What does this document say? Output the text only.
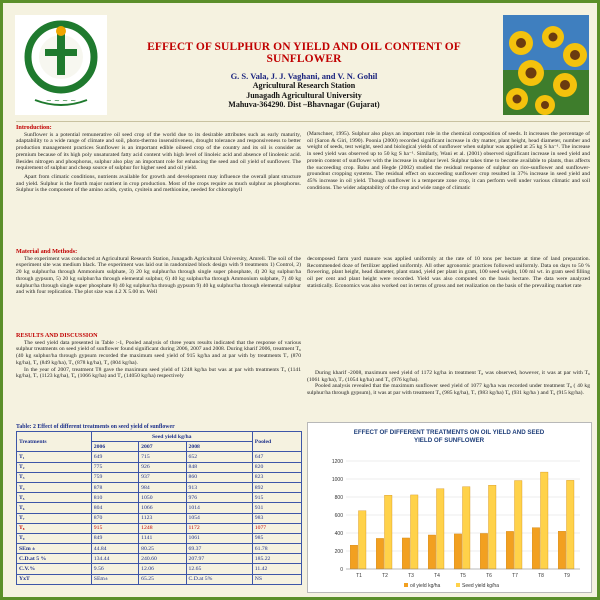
~ ~ ~ ~
EFFECT OF SULPHUR ON YIELD AND OIL CONTENT OF SUNFLOWER
G. S. Vala, J. J. Vaghani, and V. N. Gohil
Agricultural Research Station
Junagadh Agricultural University
Mahuva-364290. Dist –Bhavnagar (Gujarat)
Introduction:
Sunflower is a potential remunerative oil seed crop of the world due to its desirable attributes such as early maturity, adaptability to a wide range of climate and soil, photo-thermo insensitiveness, drought tolerance and responsiveness to better production management practices Sunflower is an important edible oilseed crop of the country and its oil is consider as premium because of its high poly unsaturated fatty acid content with high level of linoleic acid and absence of linolenic acid. Besides nitrogen and phosphorus, sulphur also play an important role for enhancing the seed and oil yield of sunflower. The requirement of sulphur and cheap source of sulphur for higher seed and oil yield.
Apart from climatic conditions, nutrients available for growth and development may influence the overall plant structure and yield. Sulphur is the fourth major nutrient in crop production. Most of the crops require as much sulphur as phosphorus. Sulphur is the component of the amino acids, cystin, cysitein and methionine, needed for chlorophyll
(Marschner, 1995). Sulphur also plays an important role in the chemical composition of seeds. It increases the percentage of oil (Saron & Giri, 1990). Poonia (2000) recorded significant increase in dry matter, plant height, head diameter, number and weight of seeds, test weight, seed and biological yields of sunflower when sulphur was applied at 25 kg S ha⁻¹. The increase in seed yield was observed up to 50 kg S ha⁻¹. Similarly, Wani et al. (2001) observed significant increase in seed yield and protein content of sunflower with the increase in sulphur level. Sulphur takes time to become available to plants, thus affects the succeeding crop. Babu and Hegde (2002) studied the residual response of sulphur on rice-sunflower and sunflower-groundnut cropping systems. The residual effect on succeeding sunflower crop resulted in 37% increase in seed yield and 45% increase in oil yield. Though sunflower is a temperate zone crop, it can perform well under various climatic and soil conditions. The wider adaptability of the crop and wide range of climatic
Material and Methods:
The experiment was conducted at Agricultural Research Station, Junagadh Agricultural University, Amreli. The soil of the experiment site was medium black. The experiment was laid out in randomized block design with 9 treatments 1) Control, 2) 20 kg sulphur/ha through Ammonium sulphate, 3) 20 kg sulphur/ha through single super phosphate, 4) 20 kg sulphur/ha through gypsum, 5) 20 kg sulphur/ha through elemental sulphur, 6) 40 kg sulphur/ha through Ammonium sulphate, 7) 40 kg sulphur/ha through single super phosphate 8) 40 kg sulphur/ha through gypsum 9) 40 kg sulphur/ha through elemental sulphur and with four replication. The plot size was 4.2 X 5.00 m. Well
decomposed farm yard manure was applied uniformly at the rate of 10 tons per hectare at time of land preparation. Recommended doze of fertilizer applied uniformly. All other agronomic practices followed uniformly. Data on days to 50 % flowering, plant height, head diameter, plant stand, yield per plant in gram, 100 seed weight, 100 ml wt. in gram seed filling oil per cent and plant height were recorded. Yield was also computed on the basis hectare. The data were analyzed statistically. Economics was also worked out in terms of gross and net realization on the basis of the prevailing market rate
RESULTS AND DISCUSSION
The seed yield data presented in Table :-1, Pooled analysis of three years results indicated that the response of various sulphur treatments on seed yield of sunflower found significant during 2006, 2007 and 2008. During kharif 2006, treatment T₆ (40 kg sulphur/ha through gypsum recorded the maximum seed yield of 915 kg/ha and at par with by treatments T₇ (870 kg/ha), T₃ (849 kg/ha), T₅ (878 kg/ha), T₂ (804 kg/ha).
In the year of 2007, treatment T8 gave the maximum seed yield of 1248 kg/ha but was at par with treatments T₅ (1141 kg/ha), T₇ (1123 kg/ha), T₆ (1066 kg/ha) and T₂ (14050 kg/ha) respectively
During kharif -2008, maximum seed yield of 1172 kg/ha in treatment T₈ was observed, however, it was at par with T₆ (1061 kg/ha), T₇ (1054 kg/ha) and T₅ (976 kg/ha).
Pooled analysis revealed that the maximum sunflower seed yield of 1077 kg/ha was recorded under treatment T₈ ( 40 kg sulphur/ha through gypsum), it was at par with treatment T₅ (985 kg/ha), T₇ (983 kg/ha) T₆ (931 kg/ha ) and T₉ (915 kg/ha).
Table: 2 Effect of different treatments on seed yield of sunflower
Treatments	Seed yield kg/ha			Pooled
	2006	2007	2008	
T₁	649	715	652	647
T₂	775	926	848	820
T₃	759	937	860	823
T₄	878	984	913	892
T₅	810	1050	976	915
T₆	804	1066	1014	931
T₇	870	1123	1054	983
T₈	915	1248	1172	1077
T₉	849	1141	1061	985
SEm ±	44.84	80.25	69.37	61.78
C.D.at 5 %	134.44	240.60	207.97	185.22
C.V.%	9.56	12.06	12.65	11.42
YxT	SEm±	65.25	C.D.at 5%	NS
EFFECT OF DIFFERENT TREATMENTS ON OIL YIELD AND SEED
YIELD OF SUNFLOWER
0
200
400
600
800
1000
1200
T1	T2	T3	T4	T5	T6	T7	T8	T9
oil yield kg/ha	Seed yield kg/ha
